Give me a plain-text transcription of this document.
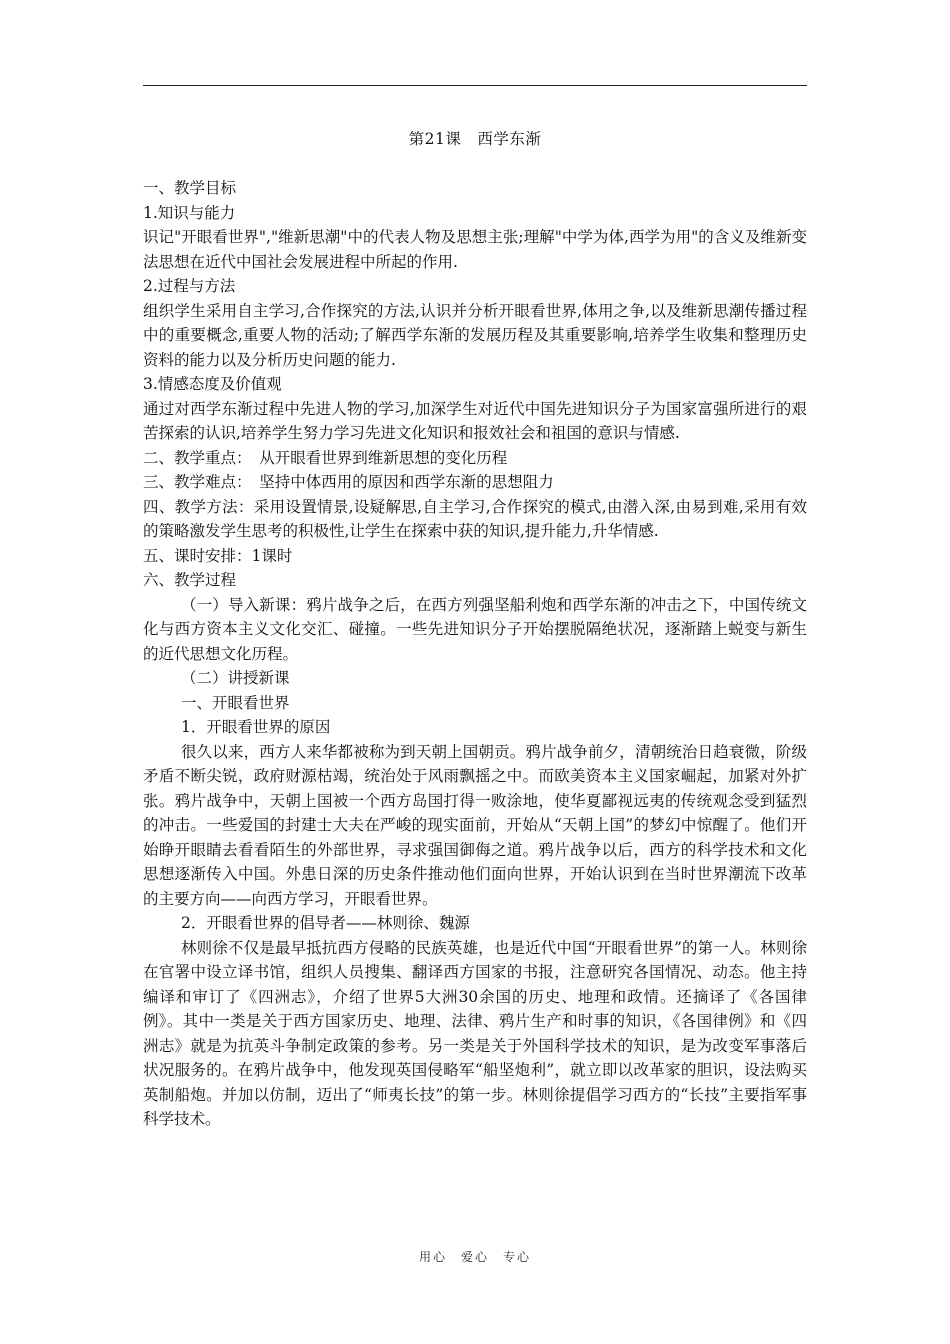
第21课　西学东渐

一、教学目标

1.知识与能力

识记"开眼看世界","维新思潮"中的代表人物及思想主张;理解"中学为体,西学为用"的含义及维新变法思想在近代中国社会发展进程中所起的作用.

2.过程与方法

组织学生采用自主学习,合作探究的方法,认识并分析开眼看世界,体用之争,以及维新思潮传播过程中的重要概念,重要人物的活动;了解西学东渐的发展历程及其重要影响,培养学生收集和整理历史资料的能力以及分析历史问题的能力.

3.情感态度及价值观

通过对西学东渐过程中先进人物的学习,加深学生对近代中国先进知识分子为国家富强所进行的艰苦探索的认识,培养学生努力学习先进文化知识和报效社会和祖国的意识与情感.

二、教学重点：　从开眼看世界到维新思想的变化历程

三、教学难点：　坚持中体西用的原因和西学东渐的思想阻力

四、教学方法：采用设置情景,设疑解思,自主学习,合作探究的模式,由潜入深,由易到难,采用有效的策略激发学生思考的积极性,让学生在探索中获的知识,提升能力,升华情感.

五、课时安排：1课时

六、教学过程

（一）导入新课：鸦片战争之后，在西方列强坚船利炮和西学东渐的冲击之下，中国传统文化与西方资本主义文化交汇、碰撞。一些先进知识分子开始摆脱隔绝状况，逐渐踏上蜕变与新生的近代思想文化历程。

（二）讲授新课

一、开眼看世界

1．开眼看世界的原因

很久以来，西方人来华都被称为到天朝上国朝贡。鸦片战争前夕，清朝统治日趋衰微，阶级矛盾不断尖锐，政府财源枯竭，统治处于风雨飘摇之中。而欧美资本主义国家崛起，加紧对外扩张。鸦片战争中，天朝上国被一个西方岛国打得一败涂地，使华夏鄙视远夷的传统观念受到猛烈的冲击。一些爱国的封建士大夫在严峻的现实面前，开始从“天朝上国”的梦幻中惊醒了。他们开始睁开眼睛去看看陌生的外部世界，寻求强国御侮之道。鸦片战争以后，西方的科学技术和文化思想逐渐传入中国。外患日深的历史条件推动他们面向世界，开始认识到在当时世界潮流下改革的主要方向——向西方学习，开眼看世界。

2．开眼看世界的倡导者——林则徐、魏源

林则徐不仅是最早抵抗西方侵略的民族英雄，也是近代中国“开眼看世界”的第一人。林则徐在官署中设立译书馆，组织人员搜集、翻译西方国家的书报，注意研究各国情况、动态。他主持编译和审订了《四洲志》，介绍了世界5大洲30余国的历史、地理和政情。还摘译了《各国律例》。其中一类是关于西方国家历史、地理、法律、鸦片生产和时事的知识，《各国律例》和《四洲志》就是为抗英斗争制定政策的参考。另一类是关于外国科学技术的知识，是为改变军事落后状况服务的。在鸦片战争中，他发现英国侵略军“船坚炮利”，就立即以改革家的胆识，设法购买英制船炮。并加以仿制，迈出了“师夷长技”的第一步。林则徐提倡学习西方的“长技”主要指军事科学技术。

用心　爱心　专心
